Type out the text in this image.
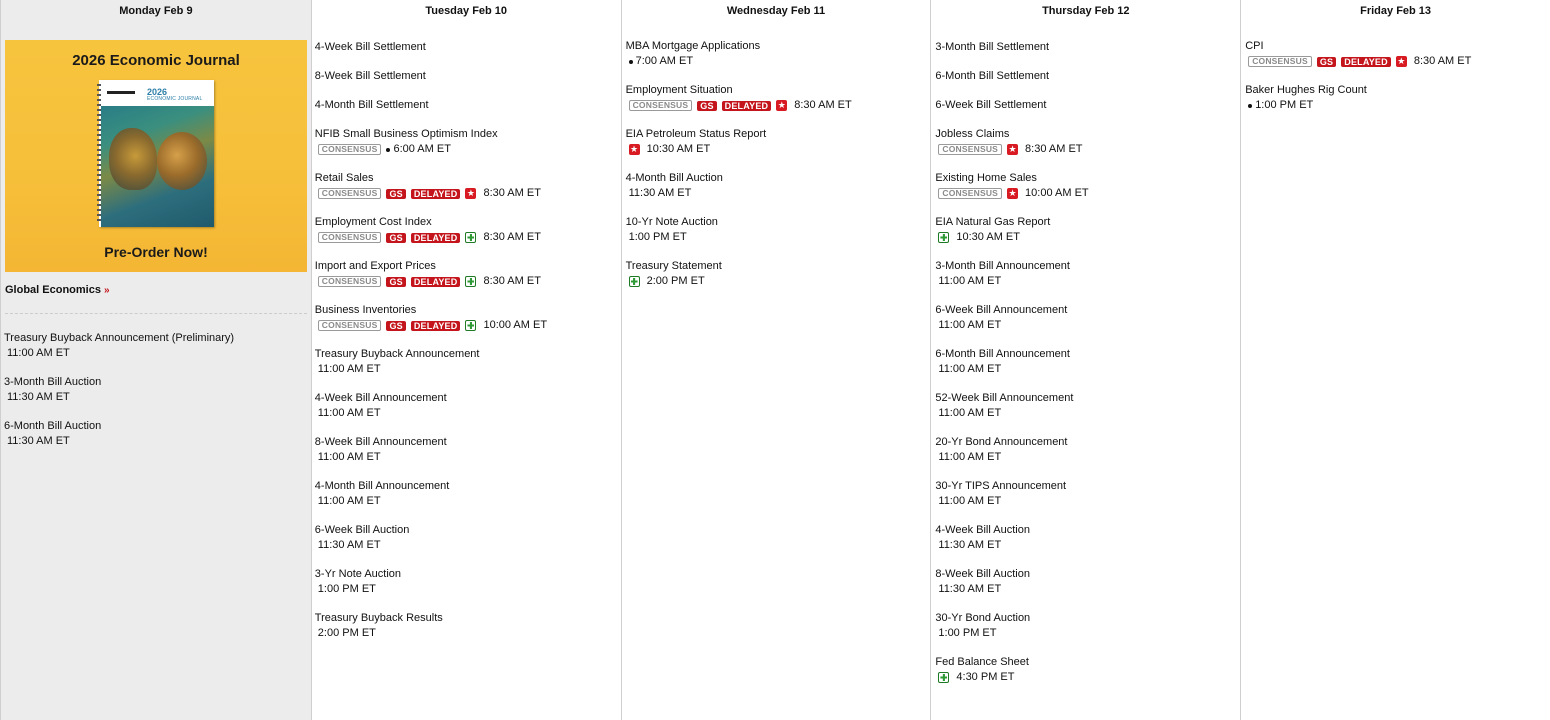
Monday Feb 9
2026 Economic Journal
2026
ECONOMIC JOURNAL
Pre-Order Now!
Global Economics »
Treasury Buyback Announcement (Preliminary)
11:00 AM ET
3-Month Bill Auction
11:30 AM ET
6-Month Bill Auction
11:30 AM ET
Tuesday Feb 10
4-Week Bill Settlement
8-Week Bill Settlement
4-Month Bill Settlement
NFIB Small Business Optimism Index
CONSENSUS	6:00 AM ET
Retail Sales
CONSENSUS	GS	DELAYED	★ 8:30 AM ET
Employment Cost Index
CONSENSUS	GS	DELAYED 8:30 AM ET
Import and Export Prices
CONSENSUS	GS	DELAYED 8:30 AM ET
Business Inventories
CONSENSUS	GS	DELAYED 10:00 AM ET
Treasury Buyback Announcement
11:00 AM ET
4-Week Bill Announcement
11:00 AM ET
8-Week Bill Announcement
11:00 AM ET
4-Month Bill Announcement
11:00 AM ET
6-Week Bill Auction
11:30 AM ET
3-Yr Note Auction
1:00 PM ET
Treasury Buyback Results
2:00 PM ET
Wednesday Feb 11
MBA Mortgage Applications
7:00 AM ET
Employment Situation
CONSENSUS	GS	DELAYED	★ 8:30 AM ET
EIA Petroleum Status Report
★ 10:30 AM ET
4-Month Bill Auction
11:30 AM ET
10-Yr Note Auction
1:00 PM ET
Treasury Statement
2:00 PM ET
Thursday Feb 12
3-Month Bill Settlement
6-Month Bill Settlement
6-Week Bill Settlement
Jobless Claims
CONSENSUS	★ 8:30 AM ET
Existing Home Sales
CONSENSUS	★ 10:00 AM ET
EIA Natural Gas Report
10:30 AM ET
3-Month Bill Announcement
11:00 AM ET
6-Week Bill Announcement
11:00 AM ET
6-Month Bill Announcement
11:00 AM ET
52-Week Bill Announcement
11:00 AM ET
20-Yr Bond Announcement
11:00 AM ET
30-Yr TIPS Announcement
11:00 AM ET
4-Week Bill Auction
11:30 AM ET
8-Week Bill Auction
11:30 AM ET
30-Yr Bond Auction
1:00 PM ET
Fed Balance Sheet
4:30 PM ET
Friday Feb 13
CPI
CONSENSUS	GS	DELAYED	★ 8:30 AM ET
Baker Hughes Rig Count
1:00 PM ET
